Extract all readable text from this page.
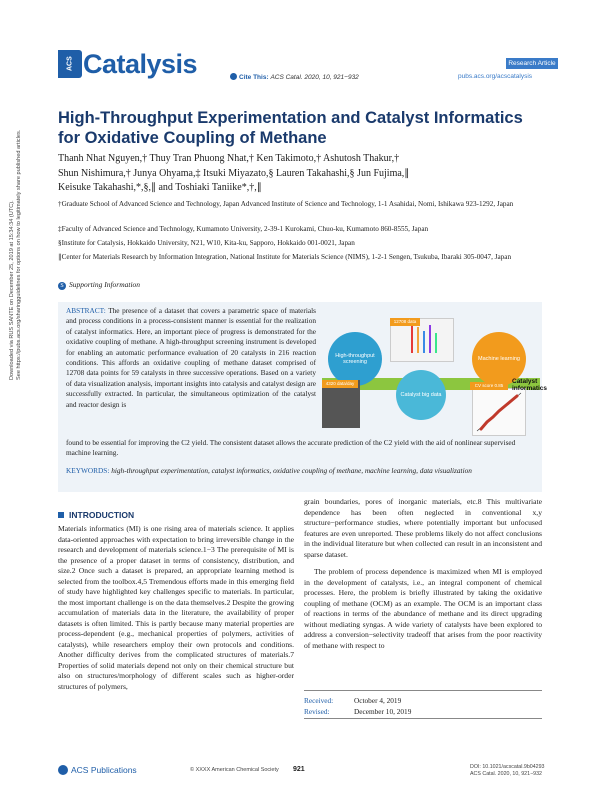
Downloaded via RUS SANTE on December 25, 2019 at 15:34:34 (UTC). See https://pubs.acs.org/sharingguidelines for options on how to legitimately share published articles.
Research Article
ACS Catalysis	Cite This: ACS Catal. 2020, 10, 921−932	pubs.acs.org/acscatalysis
High-Throughput Experimentation and Catalyst Informatics for Oxidative Coupling of Methane
Thanh Nhat Nguyen,† Thuy Tran Phuong Nhat,† Ken Takimoto,† Ashutosh Thakur,†
Shun Nishimura,† Junya Ohyama,‡ Itsuki Miyazato,§ Lauren Takahashi,§ Jun Fujima,∥
Keisuke Takahashi,*,§,∥ and Toshiaki Taniike*,†,∥
†Graduate School of Advanced Science and Technology, Japan Advanced Institute of Science and Technology, 1-1 Asahidai, Nomi, Ishikawa 923-1292, Japan
‡Faculty of Advanced Science and Technology, Kumamoto University, 2-39-1 Kurokami, Chuo-ku, Kumamoto 860-8555, Japan
§Institute for Catalysis, Hokkaido University, N21, W10, Kita-ku, Sapporo, Hokkaido 001-0021, Japan
∥Center for Materials Research by Information Integration, National Institute for Materials Science (NIMS), 1-2-1 Sengen, Tsukuba, Ibaraki 305-0047, Japan
S Supporting Information
ABSTRACT: The presence of a dataset that covers a parametric space of materials and process conditions in a process-consistent manner is essential for the realization of catalyst informatics. Here, an important piece of progress is demonstrated for the oxidative coupling of methane. A high-throughput screening instrument is developed for enabling an automatic performance evaluation of 20 catalysts in 216 reaction conditions. This affords an oxidative coupling of methane dataset comprised of 12708 data points for 59 catalysts in three successive operations. Based on a variety of data visualization analysis, important insights into catalysis and catalyst design are successfully extracted. In particular, the simultaneous optimization of the catalyst and reactor design is
High-throughput screening	Machine learning
Catalyst big data
12708 data
4320 data/day	CV score 0.85
Catalyst informatics
found to be essential for improving the C2 yield. The consistent dataset allows the accurate prediction of the C2 yield with the aid of nonlinear supervised machine learning.
KEYWORDS: high-throughput experimentation, catalyst informatics, oxidative coupling of methane, machine learning, data visualization
INTRODUCTION
Materials informatics (MI) is one rising area of materials science. It applies data-oriented approaches with expectation to bring irreversible change in the research and development of materials science.1−3 The prerequisite of MI is the presence of a proper dataset in terms of consistency, distribution, and size.2 Once such a dataset is prepared, an appropriate learning method is selected from the toolbox.4,5 Tremendous efforts made in this emerging field of study have highlighted key challenges specific to materials. In particular, the most important challenge is on the data themselves.2 Despite the growing accumulation of materials data in the literature, the availability of proper datasets is often limited. This is partly because many material properties are process-dependent (e.g., mechanical properties of polymers, activities of catalysts), while researchers employ their own protocols and conditions. Another difficulty derives from the complicated structures of materials.7 Properties of solid materials depend not only on their chemical structure but also on structures/morphology of different scales such as higher-order structures of polymers,
grain boundaries, pores of inorganic materials, etc.8 This multivariate dependence has been often neglected in conventional x,y structure−performance studies, where potentially important but unfocused features are even unreported. These problems likely do not affect conclusions in the individual literature but when collected can result in an inconsistent and sparse dataset.
The problem of process dependence is maximized when MI is employed in the development of catalysts, i.e., an integral component of chemical processes. Here, the problem is briefly illustrated by taking the oxidative coupling of methane (OCM) as an example. The OCM is an important class of reactions in terms of the abundance of methane and its direct upgrading without mediating syngas. A wide variety of catalysts have been explored to address a conversion−selectivity tradeoff that arises from the poor reactivity of methane with respect to
Received:	October 4, 2019
Revised:	December 10, 2019
ACS Publications	© XXXX American Chemical Society 921	DOI: 10.1021/acscatal.9b04293
ACS Catal. 2020, 10, 921−932
